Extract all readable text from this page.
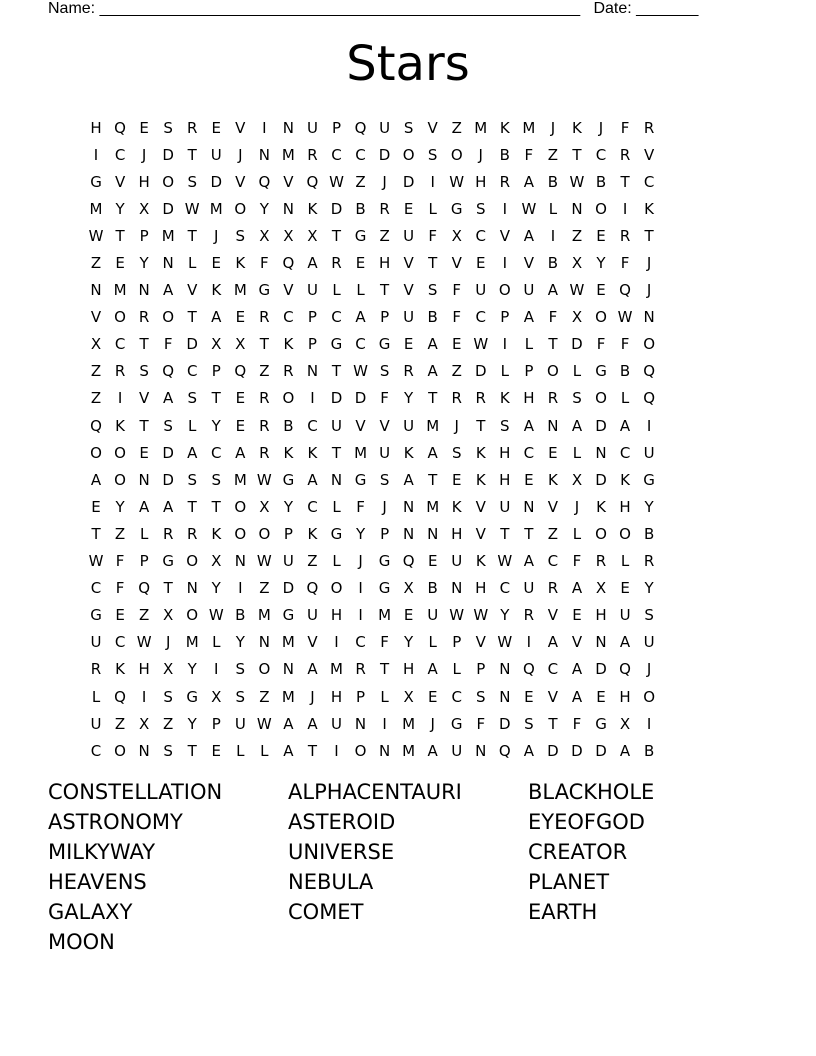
Name: ______________________________________________________ Date: _______
Stars
H Q E S R E V	I	N U P Q U S V Z M K M	J	K	J	F R
I	C	J	D T U	J	N M R C C D O S O	J	B F Z T C R V
G V H O S D V Q V Q W Z	J	D	I W H R A B W B T C
M Y X D W M O Y N K D B R E	L G S	I W L N O	I	K
W T P M T	J	S X X X T G Z U F X C V A	I	Z E R T
Z E Y N L	E K F Q A R E H V T V E	I	V B X Y	F	J
N M N A V K M G V U L	L	T V S F U O U A W E Q	J
V O R O T A E R C P C A P U B F C P A F X O W N
X C T	F D X X T K P G C G E A E W I	L	T D F	F O
Z R S Q C P Q Z R N T W S R A Z D L	P O L G B Q
Z	I	V A S T E R O	I	D D F	Y T R R K H R S O L Q
Q K T S	L	Y E R B C U V V U M	J	T S A N A D A	I
O O E D A C A R K K T M U K A S K H C E	L N C U
A O N D S S M W G A N G S A T E K H E K X D K G
E Y A A T T O X Y C L	F	J	N M K V U N V	J	K H Y
T Z L R R K O O P K G Y P N N H V T T Z L O O B
W F	P G O X N W U Z L	J	G Q E U K W A C F R L R
C F Q T N Y	I	Z D Q O	I	G X B N H C U R A X E Y
G E Z X O W B M G U H	I	M E U W W Y R V E H U S
U C W J	M L	Y N M V	I	C F	Y	L	P V W I	A V N A U
R K H X Y	I	S O N A M R T H A L	P N Q C A D Q	J
L Q	I	S G X S Z M	J	H P	L X E C S N E V A E H O
U Z X Z Y P U W A A U N	I	M	J	G F D S T	F G X	I
C O N S T E	L	L A T	I	O N M A U N Q A D D D A B
CONSTELLATION	ALPHACENTAURI	BLACKHOLE
ASTRONOMY	ASTEROID	EYEOFGOD
MILKYWAY	UNIVERSE	CREATOR
HEAVENS	NEBULA	PLANET
GALAXY	COMET	EARTH
MOON
